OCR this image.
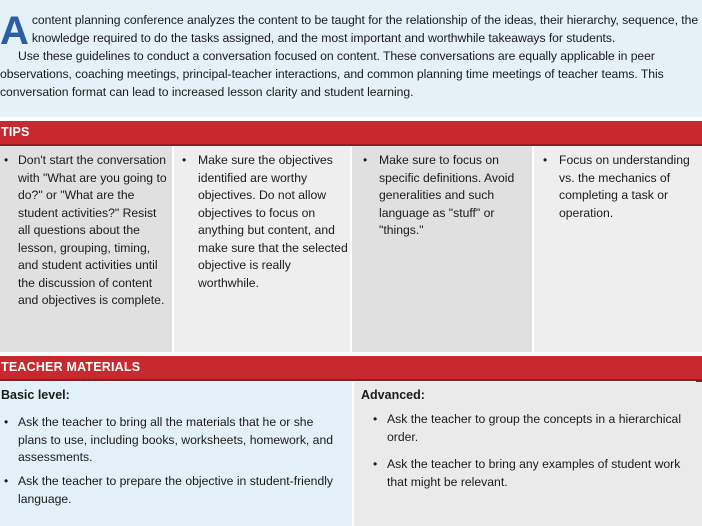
A content planning conference analyzes the content to be taught for the relationship of the ideas, their hierarchy, sequence, the knowledge required to do the tasks assigned, and the most important and worthwhile takeaways for students.

Use these guidelines to conduct a conversation focused on content. These conversations are equally applicable in peer observations, coaching meetings, principal-teacher interactions, and common planning time meetings of teacher teams. This conversation format can lead to increased lesson clarity and student learning.

TIPS
• Don't start the conversation with "What are you going to do?" or "What are the student activities?" Resist all questions about the lesson, grouping, timing, and student activities until the discussion of content and objectives is complete.
• Make sure the objectives identified are worthy objectives. Do not allow objectives to focus on anything but content, and make sure that the selected objective is really worthwhile.
• Make sure to focus on specific definitions. Avoid generalities and such language as "stuff" or "things."
• Focus on understanding vs. the mechanics of completing a task or operation.
TEACHER MATERIALS
Basic level:
• Ask the teacher to bring all the materials that he or she plans to use, including books, worksheets, homework, and assessments.
• Ask the teacher to prepare the objective in student-friendly language.
Advanced:
• Ask the teacher to group the concepts in a hierarchical order.
• Ask the teacher to bring any examples of student work that might be relevant.
